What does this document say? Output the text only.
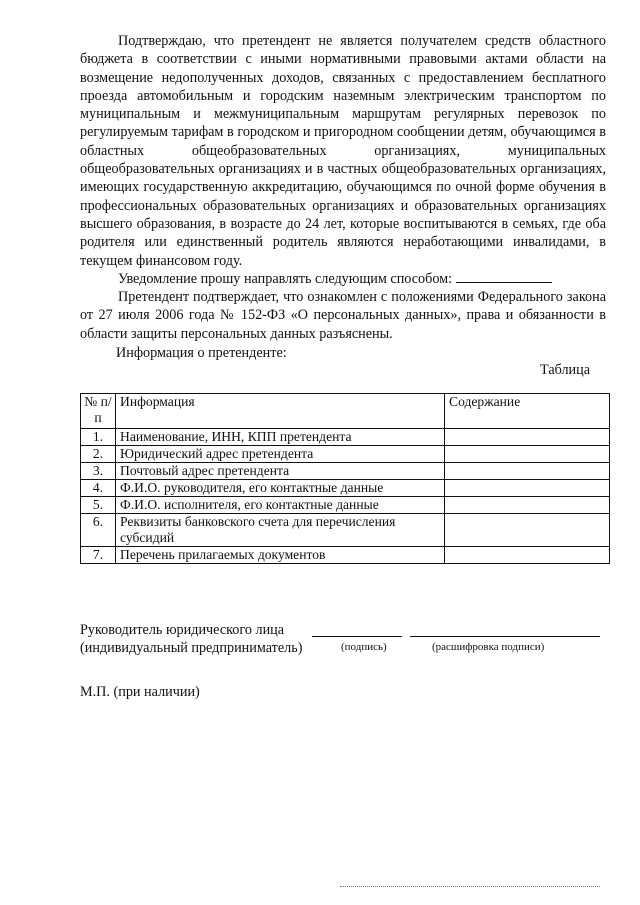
Подтверждаю, что претендент не является получателем средств областного бюджета в соответствии с иными нормативными правовыми актами области на возмещение недополученных доходов, связанных с предоставлением бесплатного проезда автомобильным и городским наземным электрическим транспортом по муниципальным и межмуниципальным маршрутам регулярных перевозок по регулируемым тарифам в городском и пригородном сообщении детям, обучающимся в областных общеобразовательных организациях, муниципальных общеобразовательных организациях и в частных общеобразовательных организациях, имеющих государственную аккредитацию, обучающимся по очной форме обучения в профессиональных образовательных организациях и образовательных организациях высшего образования, в возрасте до 24 лет, которые воспитываются в семьях, где оба родителя или единственный родитель являются неработающими инвалидами, в текущем финансовом году.

Уведомление прошу направлять следующим способом:

Претендент подтверждает, что ознакомлен с положениями Федерального закона от 27 июля 2006 года № 152-ФЗ «О персональных данных», права и обязанности в области защиты персональных данных разъяснены.

Информация о претенденте:

Таблица

№ п/п	Информация	Содержание
1.	Наименование, ИНН, КПП претендента	
2.	Юридический адрес претендента	
3.	Почтовый адрес претендента	
4.	Ф.И.О. руководителя, его контактные данные	
5.	Ф.И.О. исполнителя, его контактные данные	
6.	Реквизиты банковского счета для перечисления субсидий	
7.	Перечень прилагаемых документов	
Руководитель юридического лица
(индивидуальный предприниматель)	(подпись)	(расшифровка подписи)
М.П. (при наличии)
